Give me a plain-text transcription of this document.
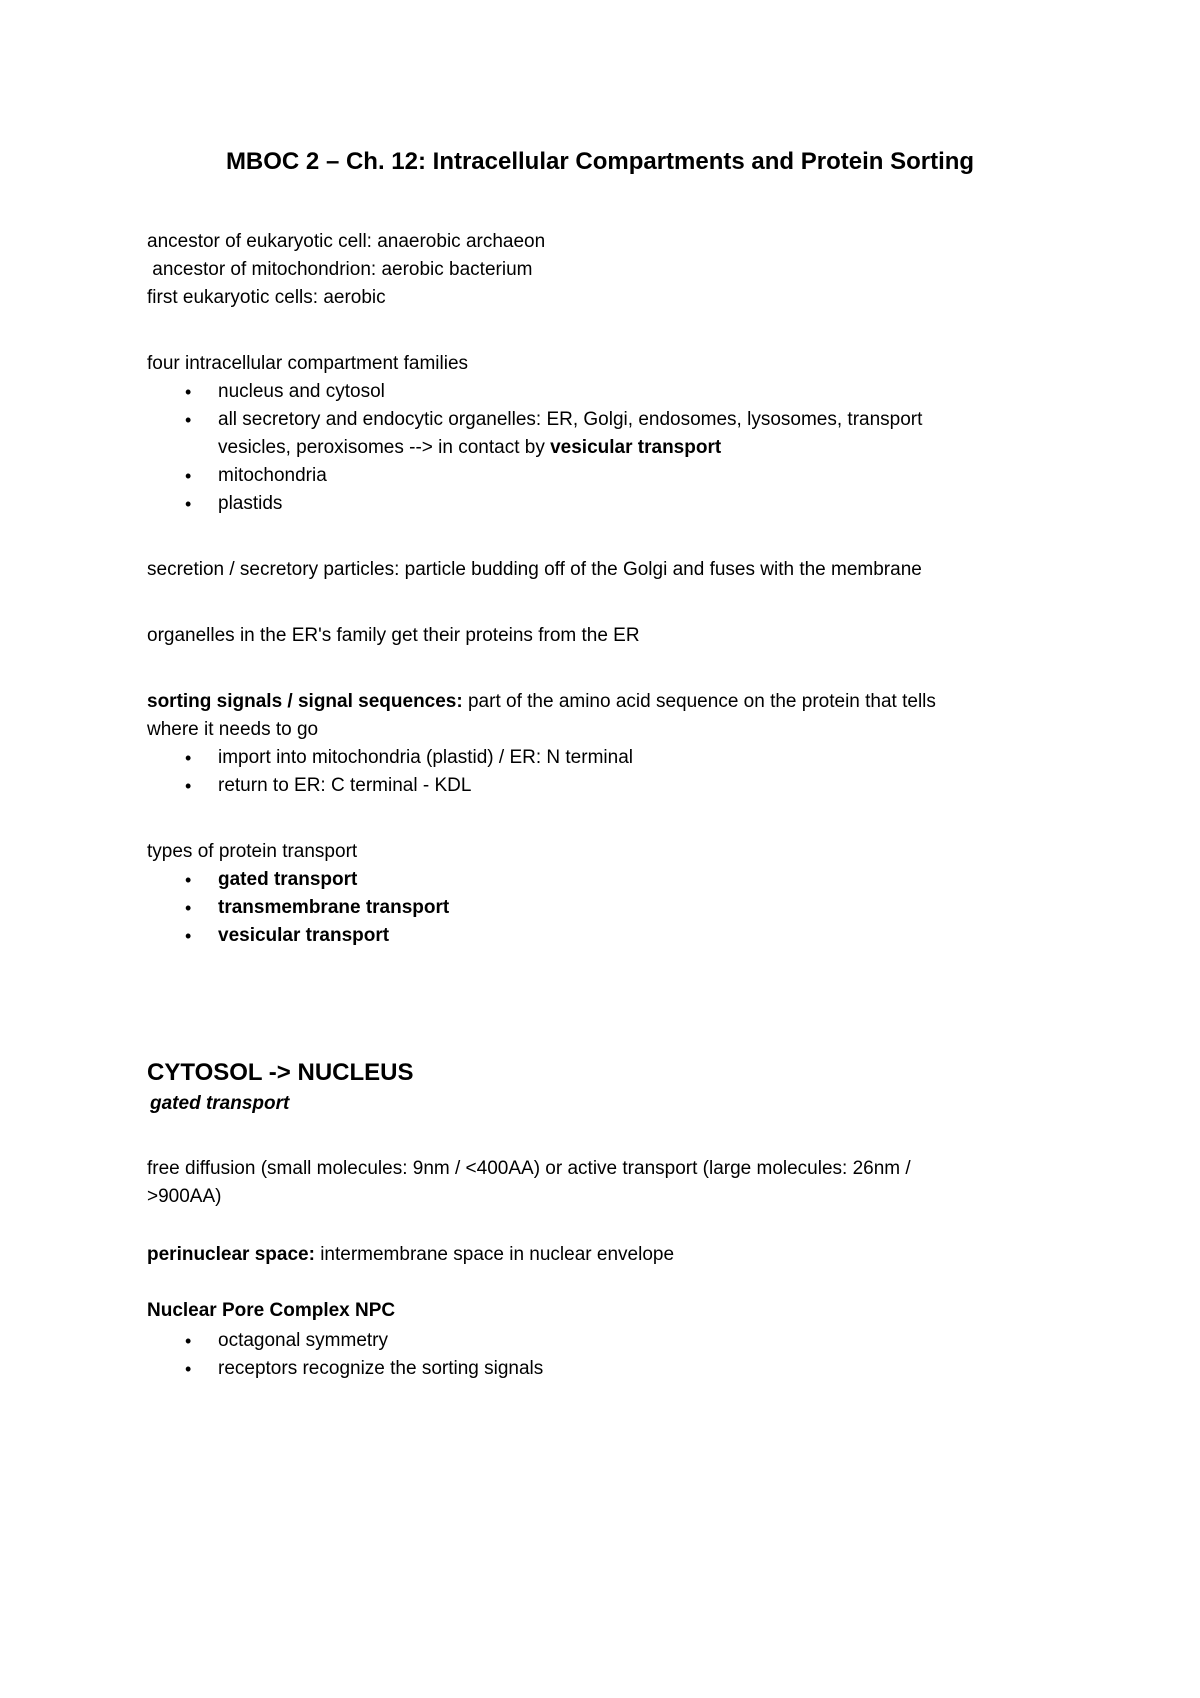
MBOC 2 – Ch. 12: Intracellular Compartments and Protein Sorting
ancestor of eukaryotic cell: anaerobic archaeon
ancestor of mitochondrion: aerobic bacterium
first eukaryotic cells: aerobic
four intracellular compartment families
• nucleus and cytosol
• all secretory and endocytic organelles: ER, Golgi, endosomes, lysosomes, transport
vesicles, peroxisomes --> in contact by vesicular transport
• mitochondria
• plastids
secretion / secretory particles: particle budding off of the Golgi and fuses with the membrane
organelles in the ER's family get their proteins from the ER
sorting signals / signal sequences: part of the amino acid sequence on the protein that tells
where it needs to go
• import into mitochondria (plastid) / ER: N terminal
• return to ER: C terminal - KDL
types of protein transport
• gated transport
• transmembrane transport
• vesicular transport
CYTOSOL -> NUCLEUS
gated transport
free diffusion (small molecules: 9nm / <400AA) or active transport (large molecules: 26nm /
>900AA)
perinuclear space: intermembrane space in nuclear envelope
Nuclear Pore Complex NPC
• octagonal symmetry
• receptors recognize the sorting signals
